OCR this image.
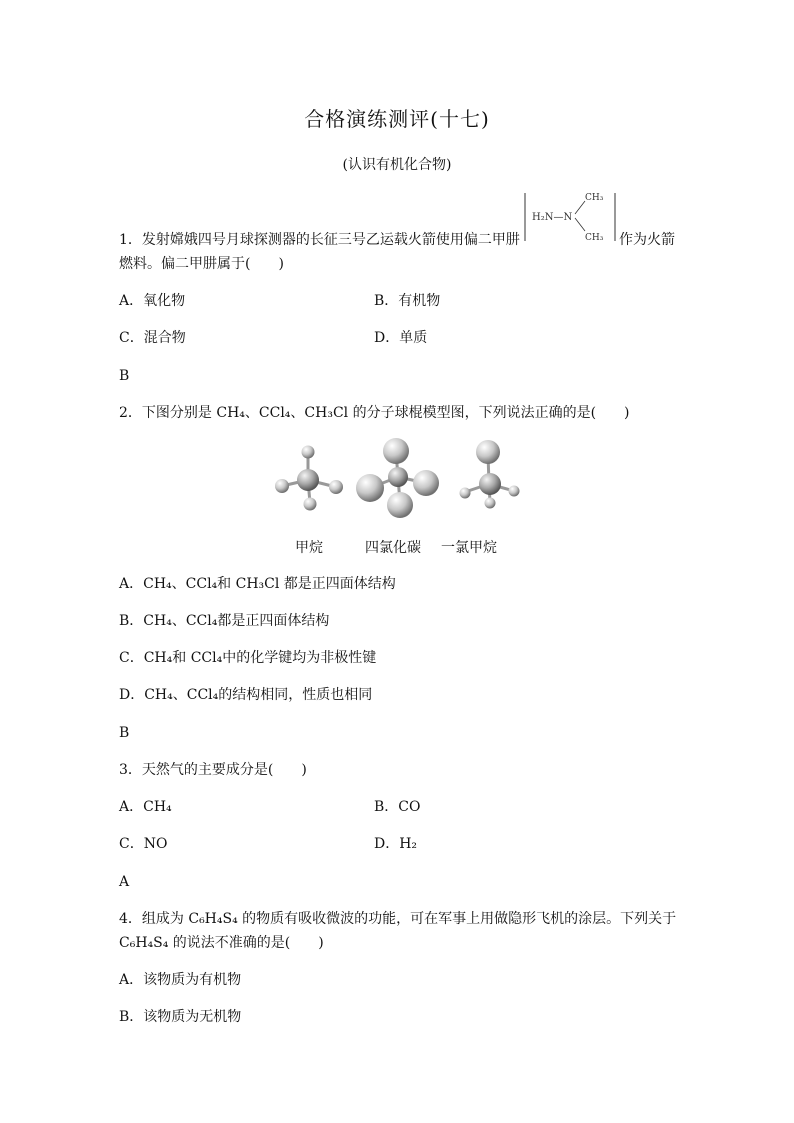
合格演练测评(十七)
(认识有机化合物)
1．发射嫦娥四号月球探测器的长征三号乙运载火箭使用偏二甲肼
H₂N—N
CH₃
CH₃ 作为火箭
燃料。偏二甲肼属于(　　)
A．氧化物	B．有机物
C．混合物	D．单质
B
2．下图分别是 CH₄、CCl₄、CH₃Cl 的分子球棍模型图，下列说法正确的是(　　)
甲烷	四氯化碳 一氯甲烷
A．CH₄、CCl₄和 CH₃Cl 都是正四面体结构
B．CH₄、CCl₄都是正四面体结构
C．CH₄和 CCl₄中的化学键均为非极性键
D．CH₄、CCl₄的结构相同，性质也相同
B
3．天然气的主要成分是(　　)
A．CH₄	B．CO
C．NO	D．H₂
A
4．组成为 C₆H₄S₄ 的物质有吸收微波的功能，可在军事上用做隐形飞机的涂层。下列关于
C₆H₄S₄ 的说法不准确的是(　　)
A．该物质为有机物
B．该物质为无机物
